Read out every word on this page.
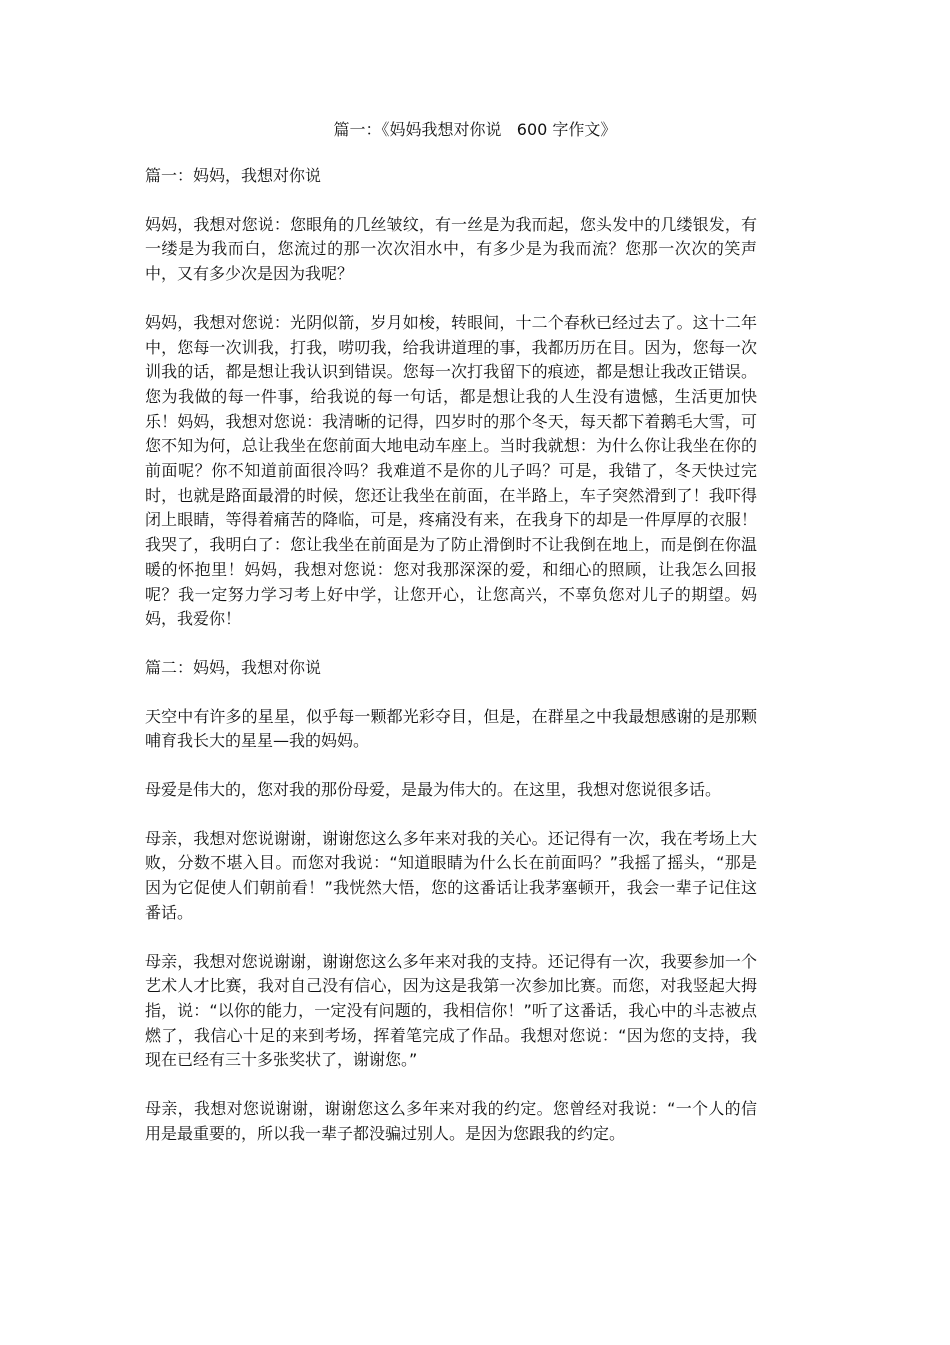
篇一：《妈妈我想对你说   600 字作文》

篇一：妈妈，我想对你说

妈妈，我想对您说：您眼角的几丝皱纹，有一丝是为我而起，您头发中的几缕银发，有一缕是为我而白，您流过的那一次次泪水中，有多少是为我而流？您那一次次的笑声中，又有多少次是因为我呢？

妈妈，我想对您说：光阴似箭，岁月如梭，转眼间，十二个春秋已经过去了。这十二年中，您每一次训我，打我，唠叨我，给我讲道理的事，我都历历在目。因为，您每一次训我的话，都是想让我认识到错误。您每一次打我留下的痕迹，都是想让我改正错误。您为我做的每一件事，给我说的每一句话，都是想让我的人生没有遗憾，生活更加快乐！妈妈，我想对您说：我清晰的记得，四岁时的那个冬天，每天都下着鹅毛大雪，可您不知为何，总让我坐在您前面大地电动车座上。当时我就想：为什么你让我坐在你的前面呢？你不知道前面很冷吗？我难道不是你的儿子吗？可是，我错了，冬天快过完时，也就是路面最滑的时候，您还让我坐在前面，在半路上，车子突然滑到了！我吓得闭上眼睛，等得着痛苦的降临，可是，疼痛没有来，在我身下的却是一件厚厚的衣服！我哭了，我明白了：您让我坐在前面是为了防止滑倒时不让我倒在地上，而是倒在你温暖的怀抱里！妈妈，我想对您说：您对我那深深的爱，和细心的照顾，让我怎么回报呢？我一定努力学习考上好中学，让您开心，让您高兴，不辜负您对儿子的期望。妈妈，我爱你！

篇二：妈妈，我想对你说

天空中有许多的星星，似乎每一颗都光彩夺目，但是，在群星之中我最想感谢的是那颗哺育我长大的星星—我的妈妈。

母爱是伟大的，您对我的那份母爱，是最为伟大的。在这里，我想对您说很多话。

母亲，我想对您说谢谢，谢谢您这么多年来对我的关心。还记得有一次，我在考场上大败，分数不堪入目。而您对我说：“知道眼睛为什么长在前面吗？”我摇了摇头，“那是因为它促使人们朝前看！”我恍然大悟，您的这番话让我茅塞顿开，我会一辈子记住这番话。

母亲，我想对您说谢谢，谢谢您这么多年来对我的支持。还记得有一次，我要参加一个艺术人才比赛，我对自己没有信心，因为这是我第一次参加比赛。而您，对我竖起大拇指，说：“以你的能力，一定没有问题的，我相信你！”听了这番话，我心中的斗志被点燃了，我信心十足的来到考场，挥着笔完成了作品。我想对您说：“因为您的支持，我现在已经有三十多张奖状了，谢谢您。”

母亲，我想对您说谢谢，谢谢您这么多年来对我的约定。您曾经对我说：“一个人的信用是最重要的，所以我一辈子都没骗过别人。是因为您跟我的约定。
